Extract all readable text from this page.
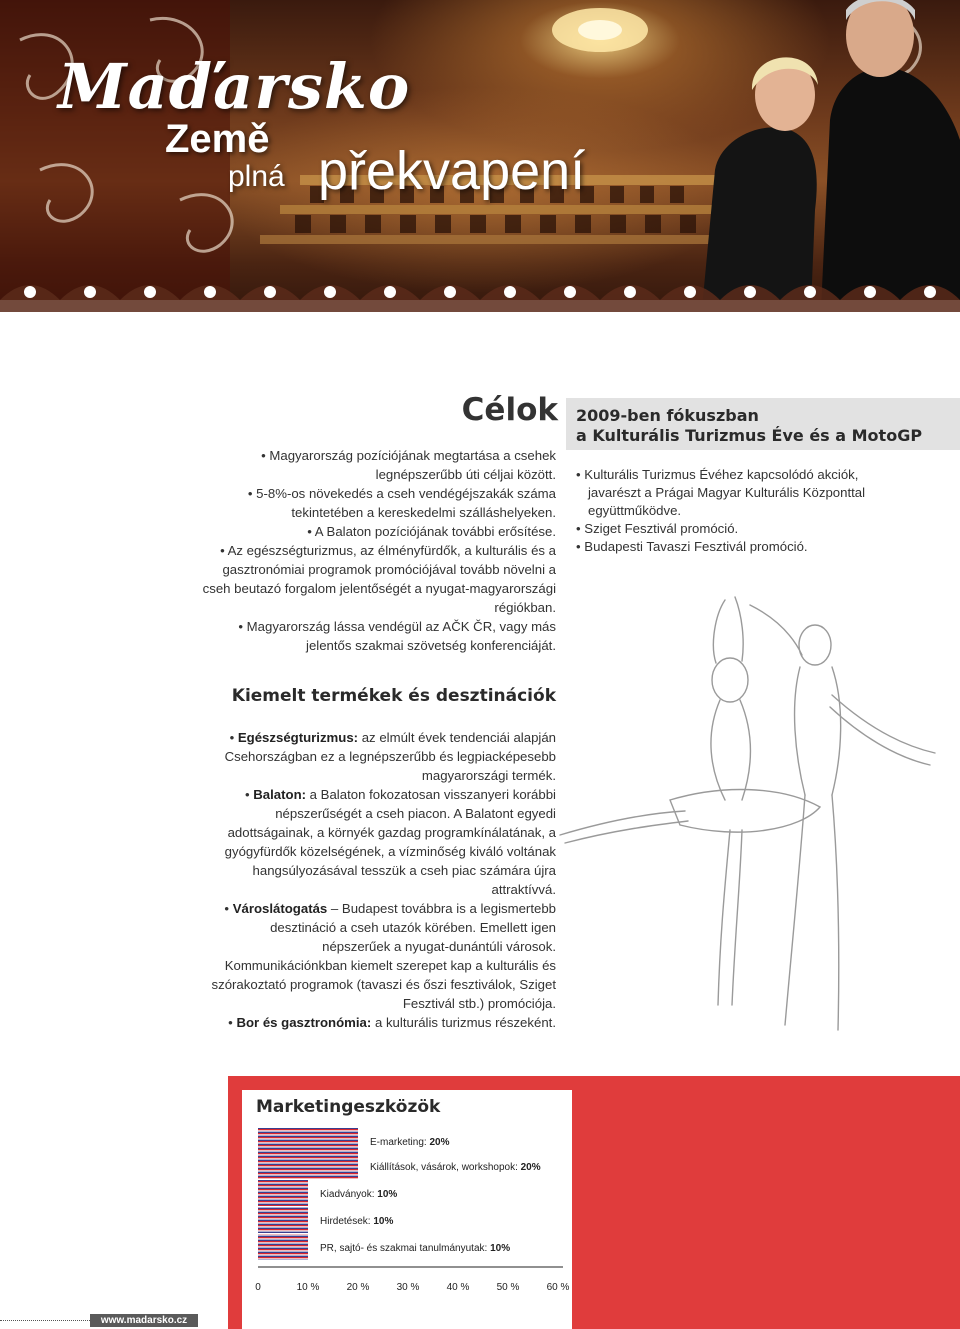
Maďarsko
Země
plná překvapení
Célok
• Magyarország pozíciójának megtartása a csehek legnépszerűbb úti céljai között.
• 5-8%-os növekedés a cseh vendégéjszakák száma tekintetében a kereskedelmi szálláshelyeken.
• A Balaton pozíciójának további erősítése.
• Az egészségturizmus, az élményfürdők, a kulturális és a gasztronómiai programok promóciójával tovább növelni a cseh beutazó forgalom jelentőségét a nyugat-magyarországi régiókban.
• Magyarország lássa vendégül az AČK ČR, vagy más jelentős szakmai szövetség konferenciáját.
2009-ben fókuszban
a Kulturális Turizmus Éve és a MotoGP
• Kulturális Turizmus Évéhez kapcsolódó akciók, javarészt a Prágai Magyar Kulturális Központtal együttműködve.
• Sziget Fesztivál promóció.
• Budapesti Tavaszi Fesztivál promóció.
Kiemelt termékek és desztinációk
• Egészségturizmus: az elmúlt évek tendenciái alapján Csehországban ez a legnépszerűbb és legpiacképesebb magyarországi termék.
• Balaton: a Balaton fokozatosan visszanyeri korábbi népszerűségét a cseh piacon. A Balatont egyedi adottságainak, a környék gazdag programkínálatának, a gyógyfürdők közelségének, a vízminőség kiváló voltának hangsúlyozásával tesszük a cseh piac számára újra attraktívvá.
• Városlátogatás – Budapest továbbra is a legismertebb desztináció a cseh utazók körében. Emellett igen népszerűek a nyugat-dunántúli városok. Kommunikációnkban kiemelt szerepet kap a kulturális és szórakoztató programok (tavaszi és őszi fesztiválok, Sziget Fesztivál stb.) promóciója.
• Bor és gasztronómia: a kulturális turizmus részeként.
Marketingeszközök
E-marketing: 20%
Kiállítások, vásárok, workshopok: 20%
Kiadványok: 10%
Hirdetések: 10%
PR, sajtó- és szakmai tanulmányutak: 10%
0	10 %	20 %	30 %	40 %	50 %	60 %
www.madarsko.cz
